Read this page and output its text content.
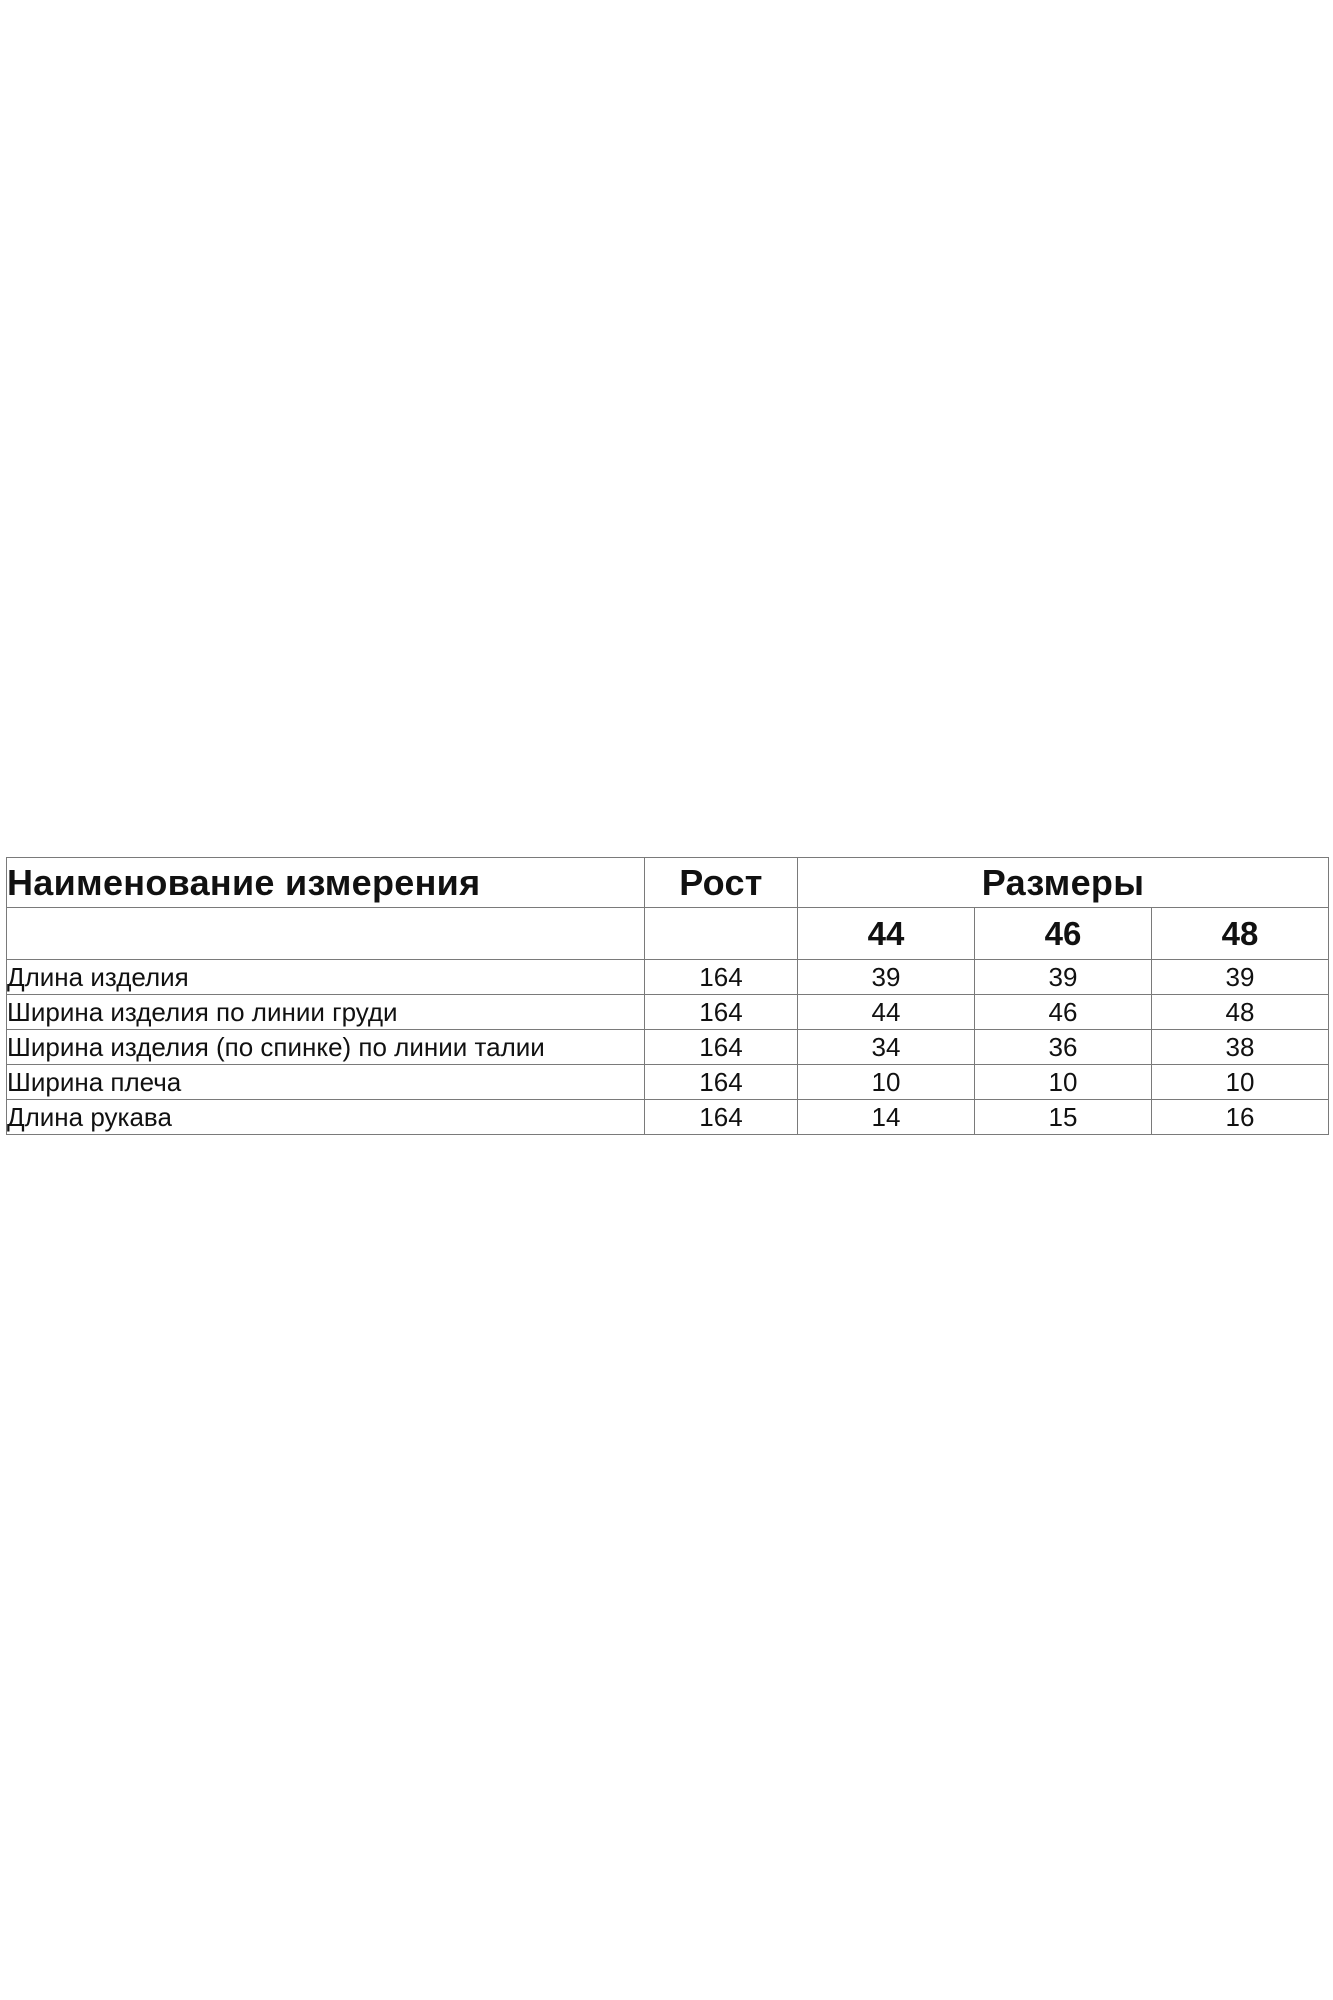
Наименование измерения	Рост	Размеры		
		44	46	48
Длина изделия	164	39	39	39
Ширина изделия по линии груди	164	44	46	48
Ширина изделия (по спинке) по линии талии	164	34	36	38
Ширина плеча	164	10	10	10
Длина рукава	164	14	15	16
